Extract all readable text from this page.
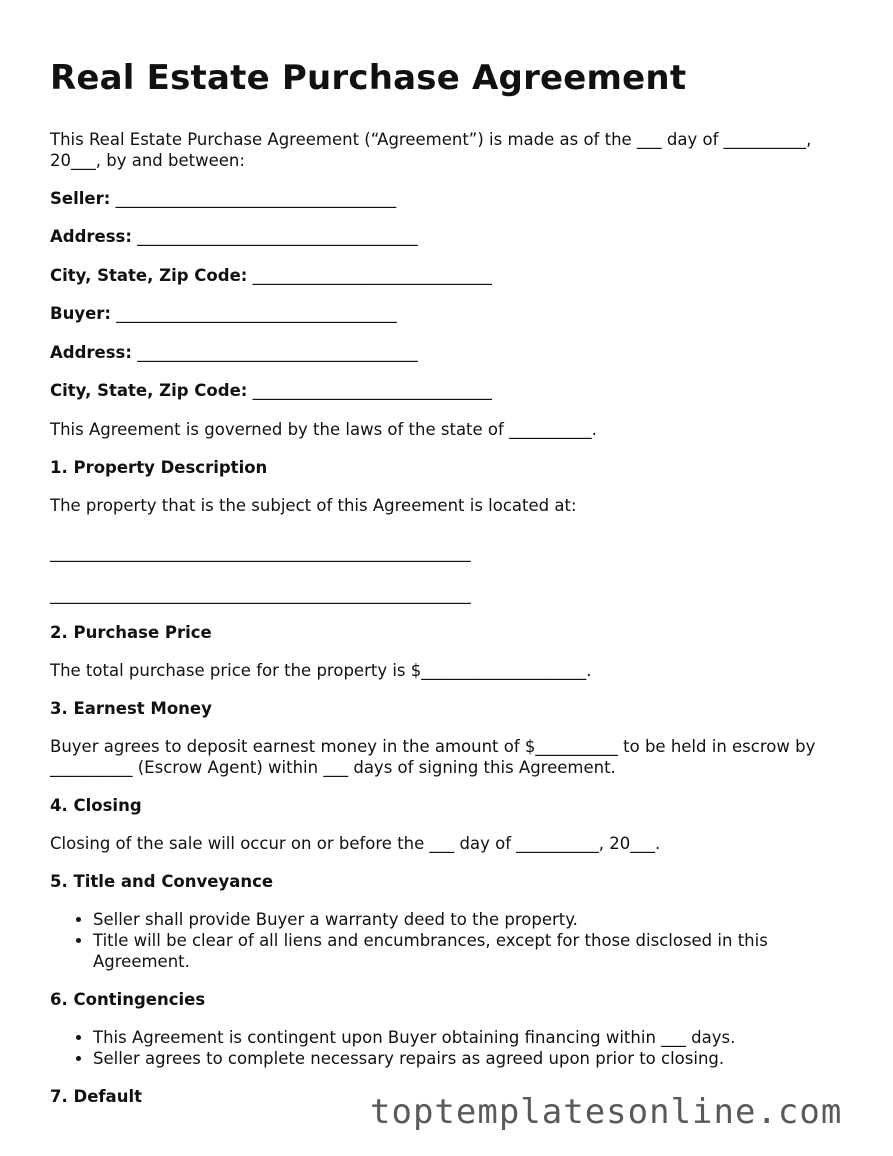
Real Estate Purchase Agreement

This Real Estate Purchase Agreement (“Agreement”) is made as of the ___ day of __________, 20___, by and between:

Seller: __________________________________

Address: __________________________________

City, State, Zip Code: _____________________________

Buyer: __________________________________

Address: __________________________________

City, State, Zip Code: _____________________________

This Agreement is governed by the laws of the state of __________.

1. Property Description

The property that is the subject of this Agreement is located at:

___________________________________________________

___________________________________________________

2. Purchase Price

The total purchase price for the property is $____________________.

3. Earnest Money

Buyer agrees to deposit earnest money in the amount of $__________ to be held in escrow by __________ (Escrow Agent) within ___ days of signing this Agreement.

4. Closing

Closing of the sale will occur on or before the ___ day of __________, 20___.

5. Title and Conveyance
• Seller shall provide Buyer a warranty deed to the property.
• Title will be clear of all liens and encumbrances, except for those disclosed in this Agreement.
6. Contingencies
• This Agreement is contingent upon Buyer obtaining financing within ___ days.
• Seller agrees to complete necessary repairs as agreed upon prior to closing.
7. Default	toptemplatesonline.com
